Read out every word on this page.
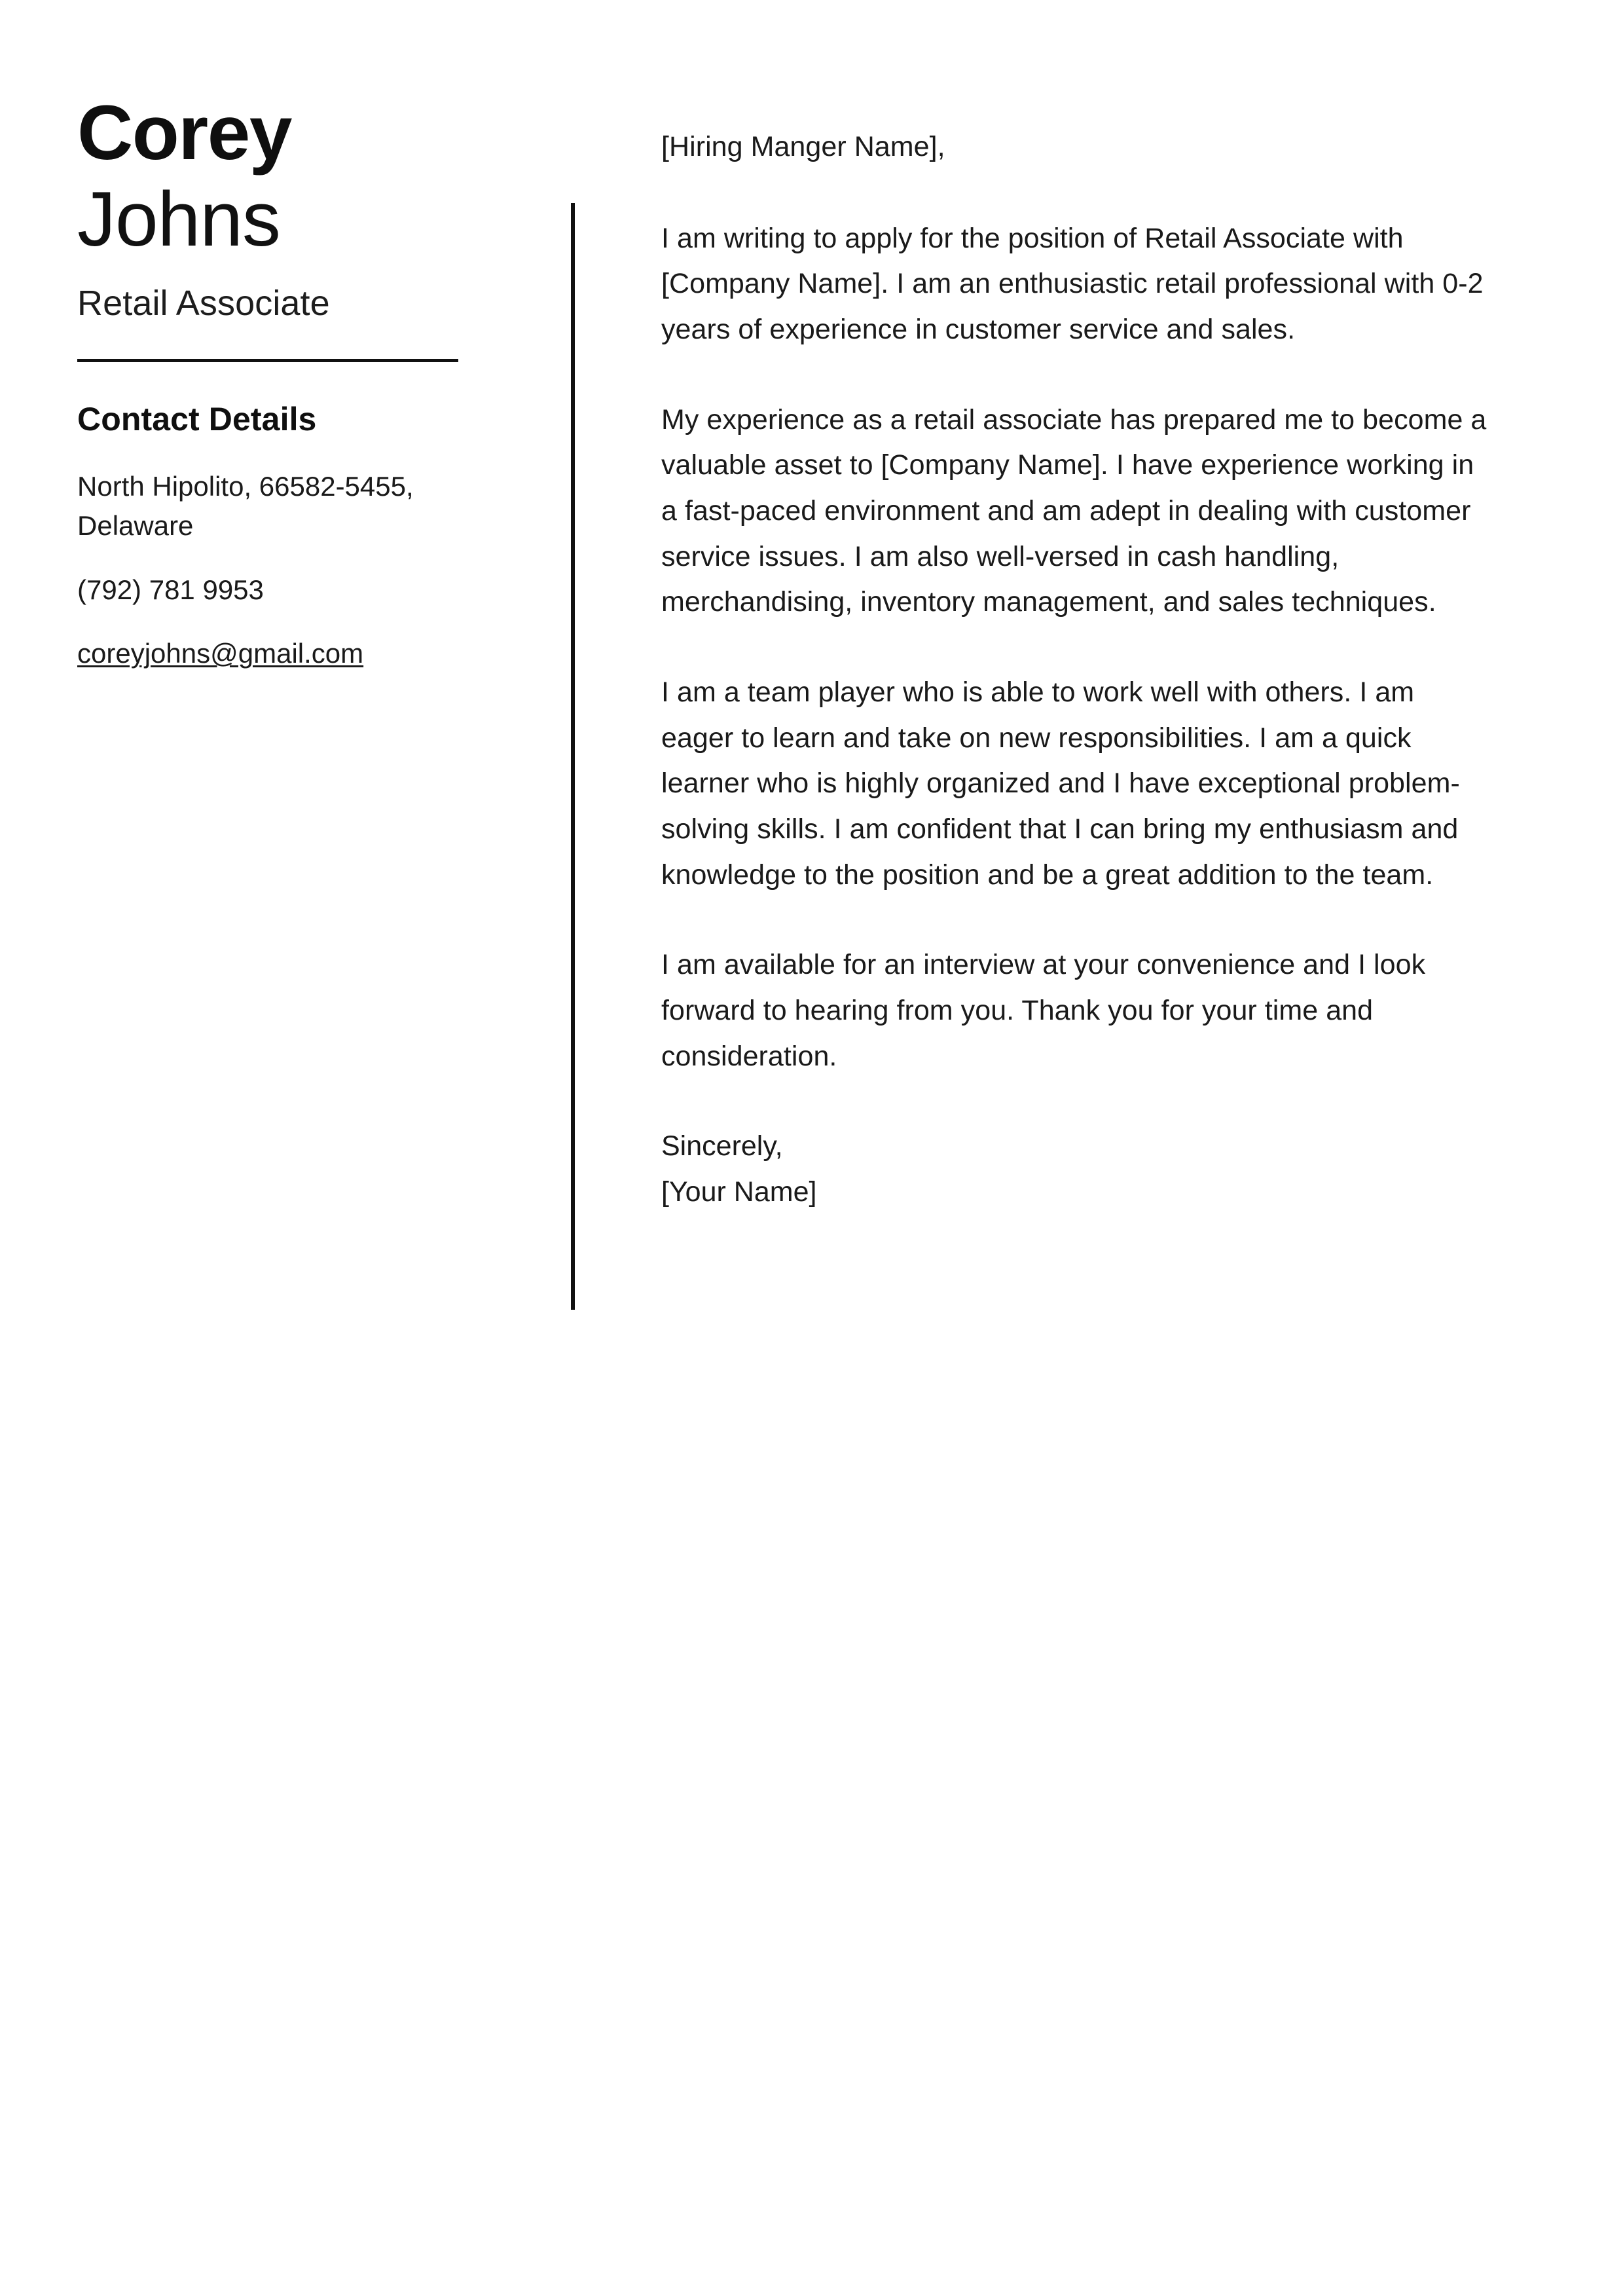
Corey
Johns
Retail Associate
Contact Details
North Hipolito, 66582-5455, Delaware
(792) 781 9953
coreyjohns@gmail.com

[Hiring Manger Name],

I am writing to apply for the position of Retail Associate with [Company Name]. I am an enthusiastic retail professional with 0-2 years of experience in customer service and sales.

My experience as a retail associate has prepared me to become a valuable asset to [Company Name]. I have experience working in a fast-paced environment and am adept in dealing with customer service issues. I am also well-versed in cash handling, merchandising, inventory management, and sales techniques.

I am a team player who is able to work well with others. I am eager to learn and take on new responsibilities. I am a quick learner who is highly organized and I have exceptional problem-solving skills. I am confident that I can bring my enthusiasm and knowledge to the position and be a great addition to the team.

I am available for an interview at your convenience and I look forward to hearing from you. Thank you for your time and consideration.

Sincerely,
[Your Name]
